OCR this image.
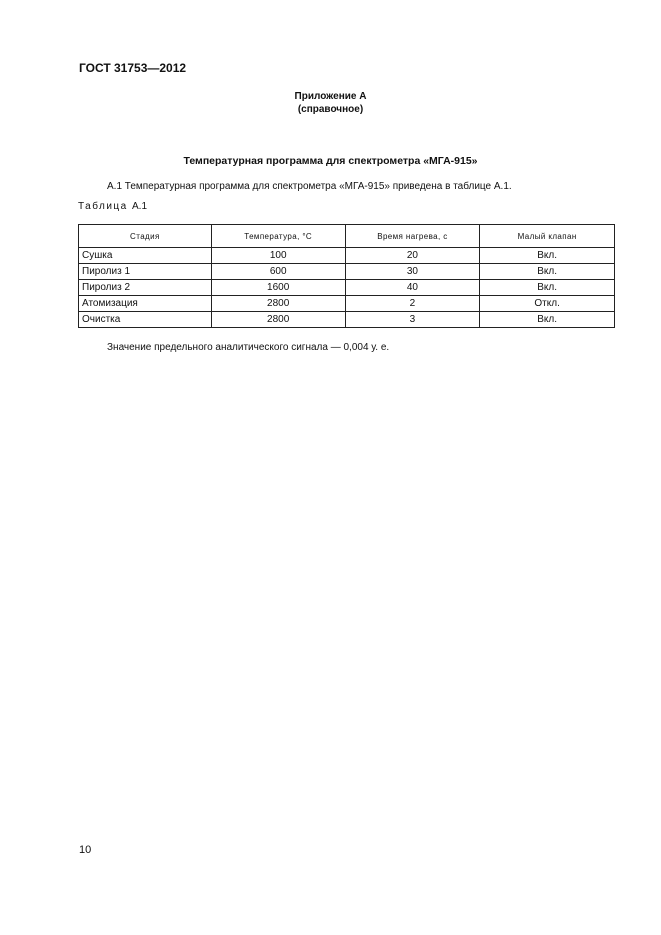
ГОСТ 31753—2012
Приложение А
(справочное)
Температурная программа для спектрометра «МГА-915»
А.1 Температурная программа для спектрометра «МГА-915» приведена в таблице А.1.
Таблица А.1
Стадия	Температура, °С	Время нагрева, с	Малый клапан
Сушка	100	20	Вкл.
Пиролиз 1	600	30	Вкл.
Пиролиз 2	1600	40	Вкл.
Атомизация	2800	2	Откл.
Очистка	2800	3	Вкл.
Значение предельного аналитического сигнала — 0,004 у. е.
10
